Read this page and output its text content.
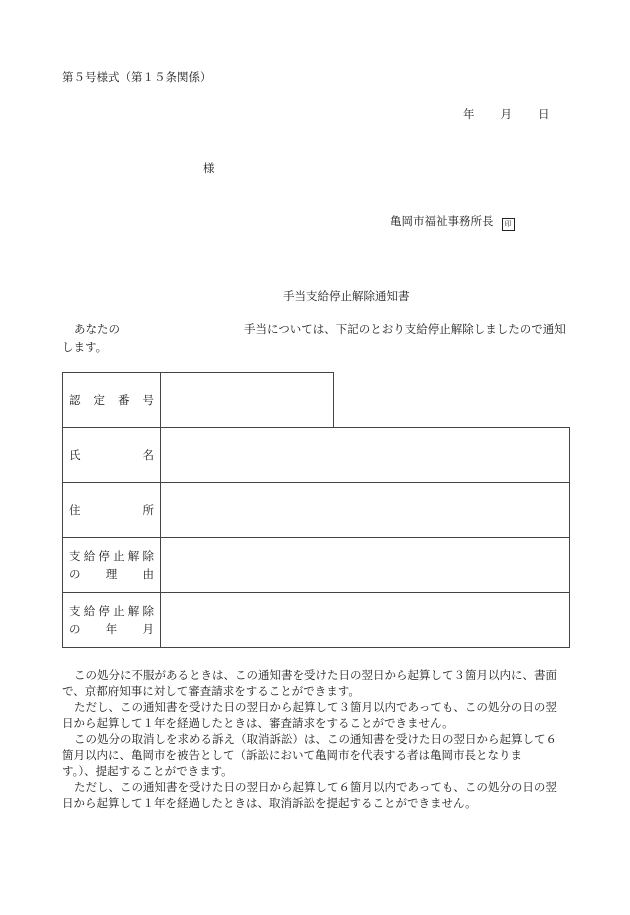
第５号様式（第１５条関係）
年 月 日
様
亀岡市福祉事務所長 印
手当支給停止解除通知書
あなたの	手当については、下記のとおり支給停止解除しましたので通知
します。
認 定 番 号
氏	名
住	所
支 給 停 止 解 除
の 理 由
支 給 停 止 解 除
の 年 月
この処分に不服があるときは、この通知書を受けた日の翌日から起算して３箇月以内に、書面
で、京都府知事に対して審査請求をすることができます。
ただし、この通知書を受けた日の翌日から起算して３箇月以内であっても、この処分の日の翌
日から起算して１年を経過したときは、審査請求をすることができません。
この処分の取消しを求める訴え（取消訴訟）は、この通知書を受けた日の翌日から起算して６
箇月以内に、亀岡市を被告として（訴訟において亀岡市を代表する者は亀岡市長となりま
す。）、提起することができます。
ただし、この通知書を受けた日の翌日から起算して６箇月以内であっても、この処分の日の翌
日から起算して１年を経過したときは、取消訴訟を提起することができません。
